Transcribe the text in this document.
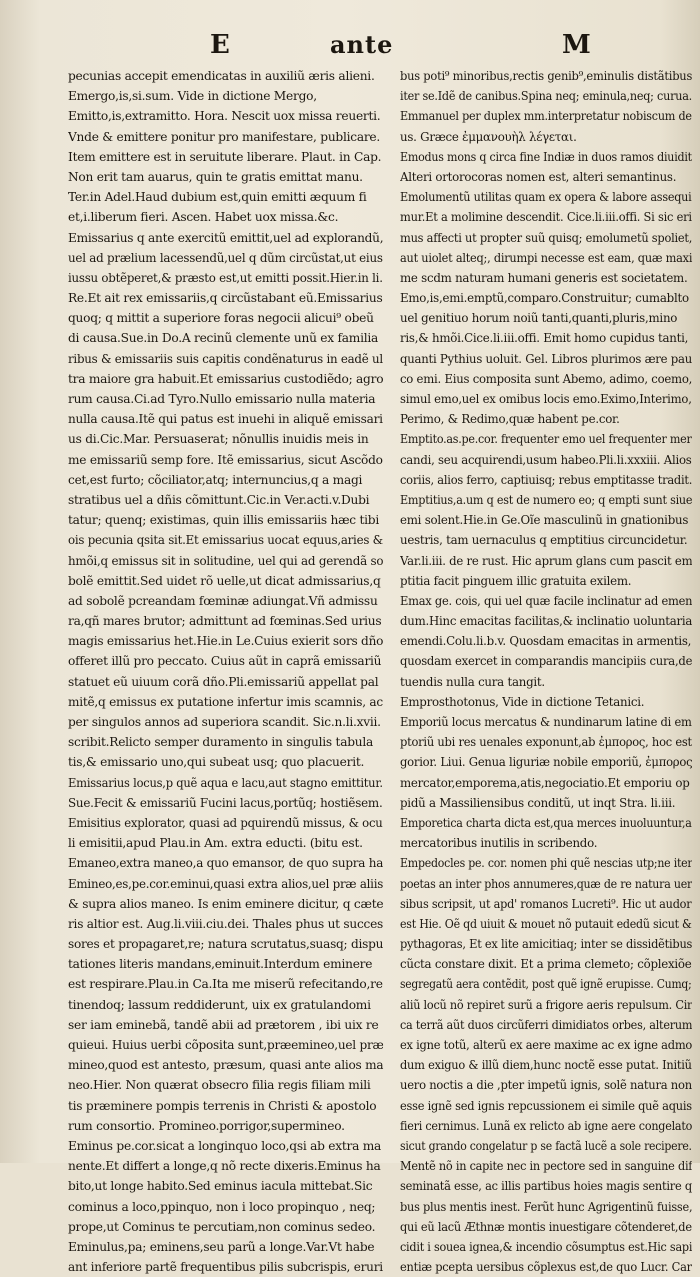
E	ante	M
pecunias accepit emendicatas in auxiliũ æris alieni.
Emergo,is,si.sum. Vide in dictione Mergo,
Emitto,is,extramitto. Hora. Nescit uox missa reuerti.
Vnde & emittere ponitur pro manifestare, publicare.
Item emittere est in seruitute liberare. Plaut. in Cap.
Non erit tam auarus, quin te gratis emittat manu.
Ter.in Adel.Haud dubium est,quin emitti æquum fi
et,i.liberum fieri. Ascen. Habet uox missa.&c.
Emissarius q ante exercitũ emittit,uel ad explorandũ,
uel ad prælium lacessendũ,uel q dũm circũstat,ut eius
iussu obtẽperet,& præsto est,ut emitti possit.Hier.in li.
Re.Et ait rex emissariis,q circũstabant eũ.Emissarius
quoq; q mittit a superiore foras negocii alicui⁹ obeũ
di causa.Sue.in Do.A recinũ clemente unũ ex familia
ribus & emissariis suis capitis condẽnaturus in eadẽ ul
tra maiore gra habuit.Et emissarius custodiẽdo; agro
rum causa.Ci.ad Tyro.Nullo emissario nulla materia
nulla causa.Itẽ qui patus est inuehi in aliquẽ emissari
us di.Cic.Mar. Persuaserat; nõnullis inuidis meis in
me emissariũ semp fore. Itẽ emissarius, sicut Ascõdo
cet,est furto; cõciliator,atq; internuncius,q a magi
stratibus uel a dñis cõmittunt.Cic.in Ver.acti.v.Dubi
tatur; quenq; existimas, quin illis emissariis hæc tibi
ois pecunia qsita sit.Et emissarius uocat equus,aries &
hmõi,q emissus sit in solitudine, uel qui ad gerendã so
bolẽ emittit.Sed uidet rõ uelle,ut dicat admissarius,q
ad sobolẽ pcreandam fœminæ adiungat.Vñ admissu
ra,qñ mares brutor; admittunt ad fœminas.Sed urius
magis emissarius het.Hie.in Le.Cuius exierit sors dño
offeret illũ pro peccato. Cuius aũt in caprã emissariũ
statuet eũ uiuum corã dño.Pli.emissariũ appellat pal
mitẽ,q emissus ex putatione infertur imis scamnis, ac
per singulos annos ad superiora scandit. Sic.n.li.xvii.
scribit.Relicto semper duramento in singulis tabula
tis,& emissario uno,qui subeat usq; quo placuerit.
Emissarius locus,p quẽ aqua e lacu,aut stagno emittitur.
Sue.Fecit & emissariũ Fucini lacus,portũq; hostiẽsem.
Emisitius explorator, quasi ad pquirendũ missus, & ocu
li emisitii,apud Plau.in Am. extra educti. (bitu est.
Emaneo,extra maneo,a quo emansor, de quo supra ha
Emineo,es,pe.cor.eminui,quasi extra alios,uel præ aliis
& supra alios maneo. Is enim eminere dicitur, q cæte
ris altior est. Aug.li.viii.ciu.dei. Thales phus ut succes
sores et propagaret,re; natura scrutatus,suasq; dispu
tationes literis mandans,eminuit.Interdum eminere
est respirare.Plau.in Ca.Ita me miserũ refecitando,re
tinendoq; lassum reddiderunt, uix ex gratulandomi
ser iam eminebã, tandẽ abii ad prætorem , ibi uix re
quieui. Huius uerbi cõposita sunt,præemineo,uel præ
mineo,quod est antesto, præsum, quasi ante alios ma
neo.Hier. Non quærat obsecro filia regis filiam mili
tis præminere pompis terrenis in Christi & apostolo
rum consortio. Promineo.porrigor,supermineo.
Eminus pe.cor.sicat a longinquo loco,qsi ab extra ma
nente.Et differt a longe,q nõ recte dixeris.Eminus ha
bito,ut longe habito.Sed eminus iacula mittebat.Sic
cominus a loco,ppinquo, non i loco propinquo , neq;
prope,ut Cominus te percutiam,non cominus sedeo.
Eminulus,pa; eminens,seu parũ a longe.Var.Vt habe
ant inferiore partẽ frequentibus pilis subcrispis, eruri
bus poti⁹ minoribus,rectis genib⁹,eminulis distãtibus
iter se.Idẽ de canibus.Spina neq; eminula,neq; curua.
Emmanuel per duplex mm.interpretatur nobiscum de
us. Græce ἐμμανουὴλ λέγεται.
Emodus mons q circa fine Indiæ in duos ramos diuidit
Alteri ortorocoras nomen est, alteri semantinus.
Emolumentũ utilitas quam ex opera & labore assequi
mur.Et a molimine descendit. Cice.li.iii.offi. Si sic eri
mus affecti ut propter suũ quisq; emolumetũ spoliet,
aut uiolet alteq;, dirumpi necesse est eam, quæ maxi
me scdm naturam humani generis est societatem.
Emo,is,emi.emptũ,comparo.Construitur; cumablto
uel genitiuo horum noiũ tanti,quanti,pluris,mino
ris,& hmõi.Cice.li.iii.offi. Emit homo cupidus tanti,
quanti Pythius uoluit. Gel. Libros plurimos ære pau
co emi. Eius composita sunt Abemo, adimo, coemo,
simul emo,uel ex omibus locis emo.Eximo,Interimo,
Perimo, & Redimo,quæ habent pe.cor.
Emptito.as.pe.cor. frequenter emo uel frequenter mer
candi, seu acquirendi,usum habeo.Pli.li.xxxiii. Alios
coriis, alios ferro, captiuisq; rebus emptitasse tradit.
Emptitius,a.um q est de numero eo; q empti sunt siue
emi solent.Hie.in Ge.Oĩe masculinũ in gnationibus
uestris, tam uernaculus q emptitius circuncidetur.
Var.li.iii. de re rust. Hic aprum glans cum pascit em
ptitia facit pinguem illic gratuita exilem.
Emax ge. cois, qui uel quæ facile inclinatur ad emen
dum.Hinc emacitas facilitas,& inclinatio uoluntaria
emendi.Colu.li.b.v. Quosdam emacitas in armentis,
quosdam exercet in comparandis mancipiis cura,de
tuendis nulla cura tangit.
Emprosthotonus, Vide in dictione Tetanici.
Emporiũ locus mercatus & nundinarum latine di em
ptoriũ ubi res uenales exponunt,ab ἐμπορος, hoc est
gorior. Liui. Genua liguriæ nobile emporiũ, ἐμπορος
mercator,emporema,atis,negociatio.Et emporiu op
pidũ a Massiliensibus conditũ, ut inqt Stra. li.iii.
Emporetica charta dicta est,qua merces inuoluuntur,a
mercatoribus inutilis in scribendo.
Empedocles pe. cor. nomen phi quẽ nescias utp;ne iter
poetas an inter phos annumeres,quæ de re natura uer
sibus scripsit, ut apd' romanos Lucreti⁹. Hic ut audor
est Hie. Oẽ qd uiuit & mouet nõ putauit ededũ sicut &
pythagoras, Et ex lite amicitiaq; inter se dissidẽtibus
cũcta constare dixit. Et a prima clemeto; cõplexiõe
segregatũ aera contẽdit, post quẽ ignẽ erupisse. Cumq;
aliũ locũ nõ repiret surũ a frigore aeris repulsum. Cir
ca terrã aũt duos circũferri dimidiatos orbes, alterum
ex igne totũ, alterũ ex aere maxime ac ex igne admo
dum exiguo & illũ diem,hunc noctẽ esse putat. Initiũ
uero noctis a die ,pter impetũ ignis, solẽ natura non
esse ignẽ sed ignis repcussionem ei simile quẽ aquis
fieri cernimus. Lunã ex relicto ab igne aere congelato
sicut grando congelatur p se factã lucẽ a sole recipere.
Mentẽ nõ in capite nec in pectore sed in sanguine dif
seminatã esse, ac illis partibus hoies magis sentire q
bus plus mentis inest. Ferũt hunc Agrigentinũ fuisse,
qui eũ lacũ Æthnæ montis inuestigare cõtenderet,de
cidit i souea ignea,& incendio cõsumptus est.Hic sapi
entiæ pcepta uersibus cõplexus est,de quo Lucr. Car
